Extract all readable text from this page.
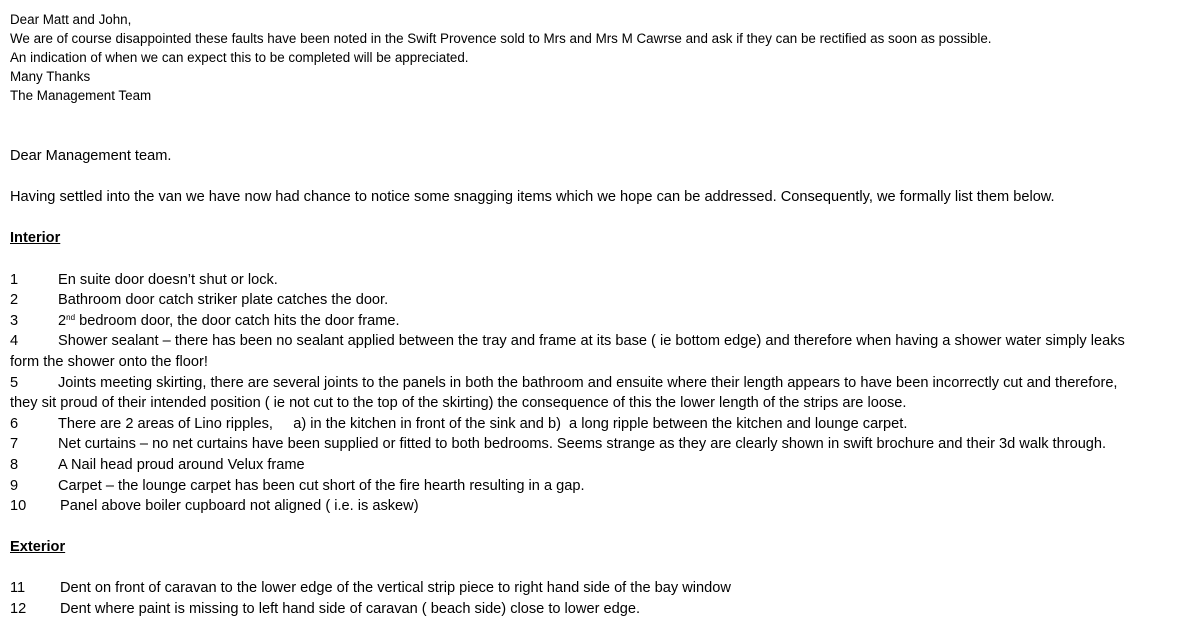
Dear Matt and John,

We are of course disappointed these faults have been noted in the Swift Provence sold to Mrs and Mrs M Cawrse and ask if they can be rectified as soon as possible.

An indication of when we can expect this to be completed will be appreciated.

Many Thanks

The Management Team

Dear Management team.

Having settled into the van we have now had chance to notice some snagging items which we hope can be addressed. Consequently, we formally list them below.

Interior

1	En suite door doesn’t shut or lock.
2	Bathroom door catch striker plate catches the door.
3	2nd bedroom door, the door catch hits the door frame.
4	Shower sealant – there has been no sealant applied between the tray and frame at its base ( ie bottom edge) and therefore when having a shower water simply leaks

form the shower onto the floor!

5	Joints meeting skirting, there are several joints to the panels in both the bathroom and ensuite where their length appears to have been incorrectly cut and therefore,

they sit proud of their intended position ( ie not cut to the top of the skirting) the consequence of this the lower length of the strips are loose.

6	There are 2 areas of Lino ripples,     a) in the kitchen in front of the sink and b)  a long ripple between the kitchen and lounge carpet.
7	Net curtains – no net curtains have been supplied or fitted to both bedrooms. Seems strange as they are clearly shown in swift brochure and their 3d walk through.
8	A Nail head proud around Velux frame
9	Carpet – the lounge carpet has been cut short of the fire hearth resulting in a gap.
10	Panel above boiler cupboard not aligned ( i.e. is askew)

Exterior

11	Dent on front of caravan to the lower edge of the vertical strip piece to right hand side of the bay window
12	Dent where paint is missing to left hand side of caravan ( beach side) close to lower edge.
